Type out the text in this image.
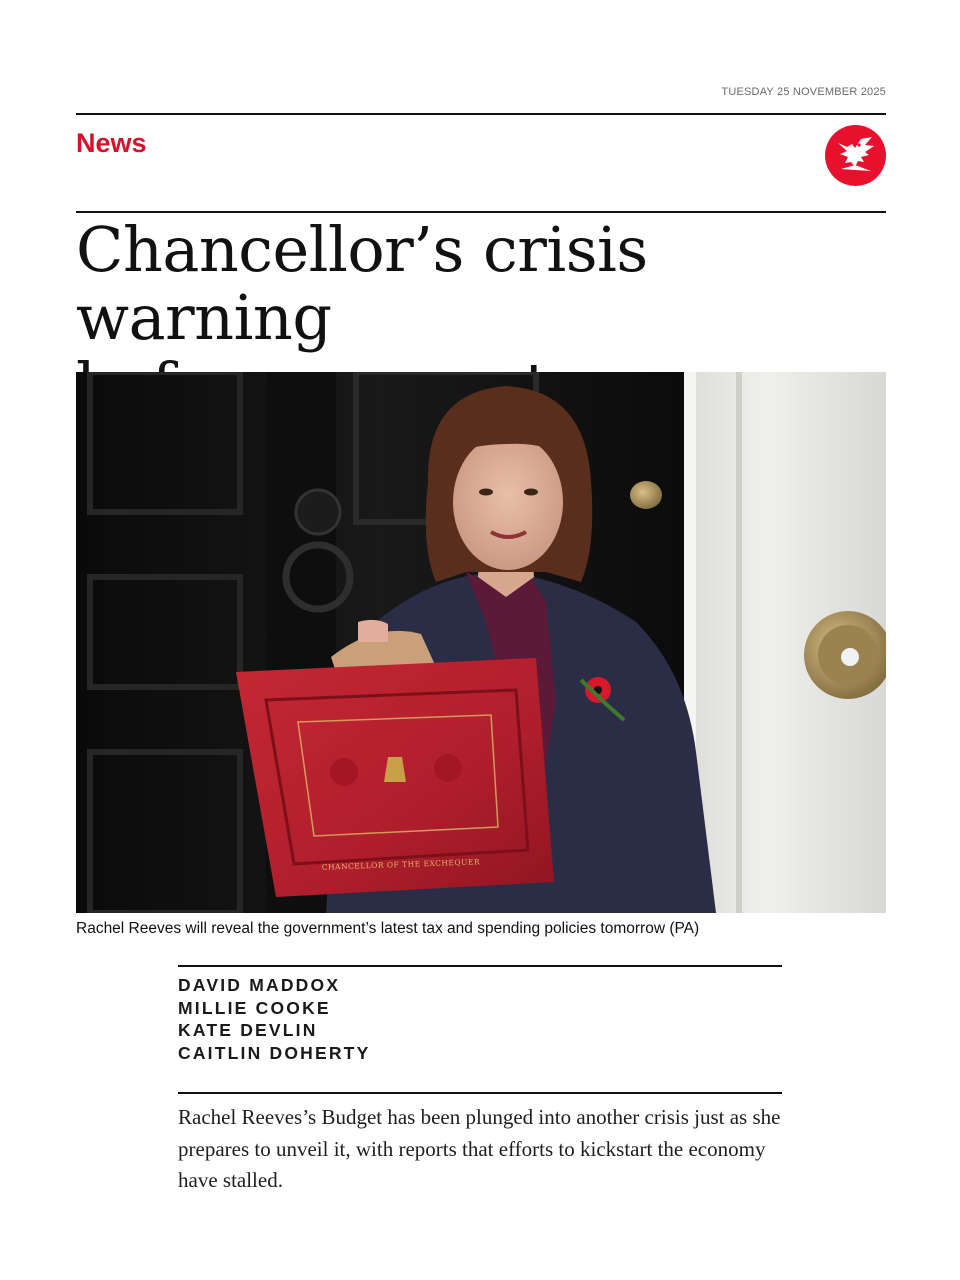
TUESDAY 25 NOVEMBER 2025
News
Chancellor’s crisis warning

CHANCELLOR OF THE EXCHEQUER
Rachel Reeves will reveal the government’s latest tax and spending policies tomorrow (PA)
DAVID MADDOX
MILLIE COOKE
KATE DEVLIN
CAITLIN DOHERTY

Rachel Reeves’s Budget has been plunged into another crisis just as she prepares to unveil it, with reports that efforts to kickstart the economy have stalled.
